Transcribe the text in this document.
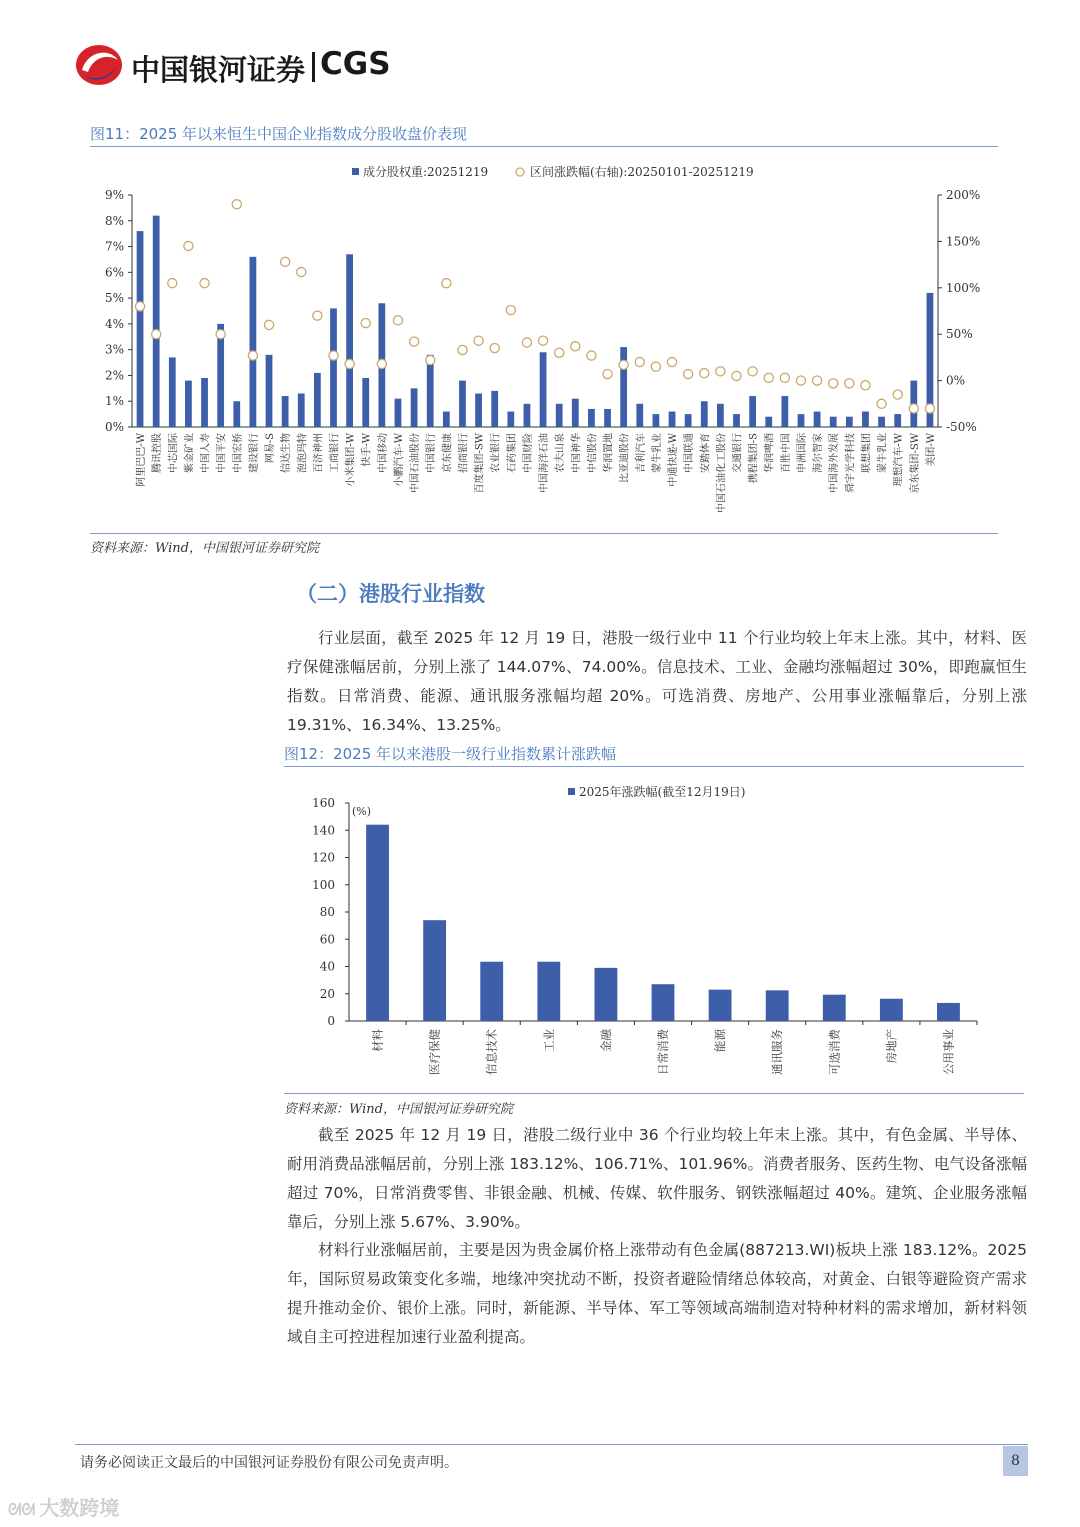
中国银河证券 CGS
图11：2025 年以来恒生中国企业指数成分股收盘价表现
成分股权重:20251219	区间涨跌幅(右轴):20250101-20251219
0%
1%
2%
3%
4%
5%
6%
7%
8%
9%
-50%
0%
50%
100%
150%
200%
阿里巴巴-W 腾讯控股 中芯国际 紫金矿业 中国人寿 中国平安 中国宏桥 建设银行 网易-S 信达生物 泡泡玛特 百济神州 工商银行 小米集团-W 快手-W 中国移动 小鹏汽车-W 中国石油股份 中国银行 京东健康 招商银行 百度集团-SW 农业银行 石药集团 中国财险 中国海洋石油 农夫山泉 中国神华 中信股份 华润置地 比亚迪股份 吉利汽车 蒙牛乳业 中通快递-W 中国联通 安踏体育 中国石油化工股份 交通银行 携程集团-S 华润啤酒 百胜中国 申洲国际 海尔智家 中国海外发展 舜宇光学科技 联想集团 蒙牛乳业 理想汽车-W 京东集团-SW 美团-W
资料来源：Wind，中国银河证券研究院
（二）港股行业指数
行业层面，截至 2025 年 12 月 19 日，港股一级行业中 11 个行业均较上年末上涨。其中，材料、医疗保健涨幅居前，分别上涨了 144.07%、74.00%。信息技术、工业、金融均涨幅超过 30%，即跑赢恒生指数。日常消费、能源、通讯服务涨幅均超 20%。可选消费、房地产、公用事业涨幅靠后，分别上涨 19.31%、16.34%、13.25%。
图12：2025 年以来港股一级行业指数累计涨跌幅
2025年涨跌幅(截至12月19日)
(%)
0
20
40
60
80
100
120
140
160
材料	医疗保健	信息技术	工业	金融	日常消费	能源	通讯服务	可选消费	房地产	公用事业
资料来源：Wind，中国银河证券研究院
截至 2025 年 12 月 19 日，港股二级行业中 36 个行业均较上年末上涨。其中，有色金属、半导体、耐用消费品涨幅居前，分别上涨 183.12%、106.71%、101.96%。消费者服务、医药生物、电气设备涨幅超过 70%，日常消费零售、非银金融、机械、传媒、软件服务、钢铁涨幅超过 40%。建筑、企业服务涨幅靠后，分别上涨 5.67%、3.90%。
材料行业涨幅居前，主要是因为贵金属价格上涨带动有色金属(887213.WI)板块上涨 183.12%。2025 年，国际贸易政策变化多端，地缘冲突扰动不断，投资者避险情绪总体较高，对黄金、白银等避险资产需求提升推动金价、银价上涨。同时，新能源、半导体、军工等领域高端制造对特种材料的需求增加，新材料领域自主可控进程加速行业盈利提高。
请务必阅读正文最后的中国银河证券股份有限公司免责声明。	8
ᘛᘛ 大数跨境
